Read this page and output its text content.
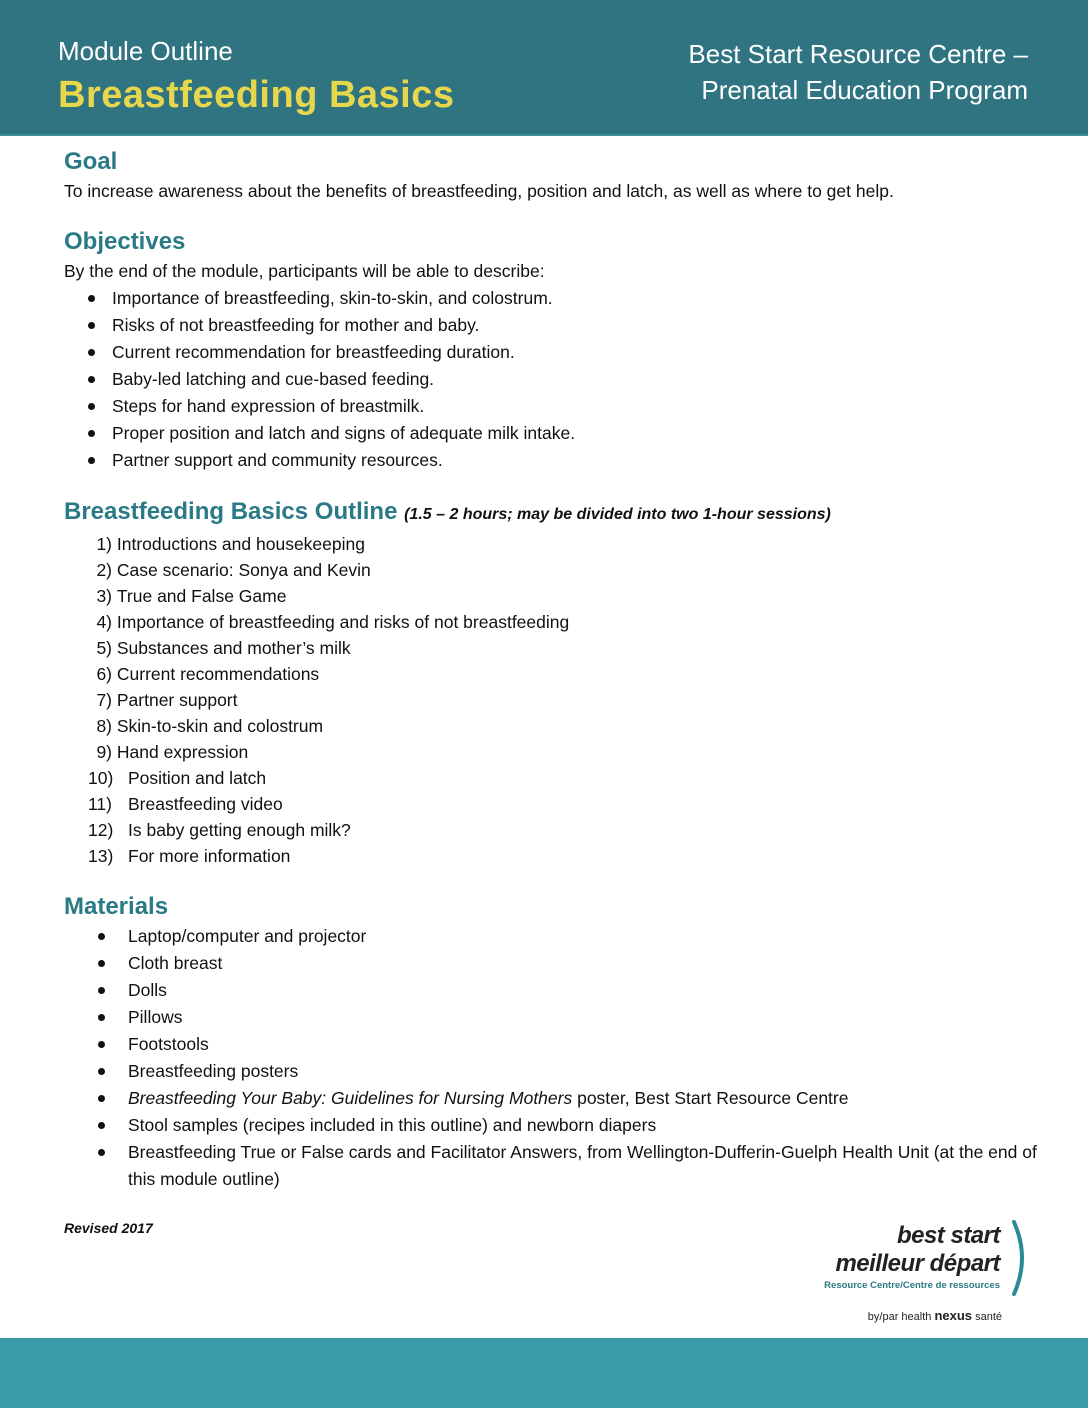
Module Outline
Breastfeeding Basics
Best Start Resource Centre –
Prenatal Education Program
Goal

To increase awareness about the benefits of breastfeeding, position and latch, as well as where to get help.

Objectives

By the end of the module, participants will be able to describe:

Importance of breastfeeding, skin-to-skin, and colostrum.
Risks of not breastfeeding for mother and baby.
Current recommendation for breastfeeding duration.
Baby-led latching and cue-based feeding.
Steps for hand expression of breastmilk.
Proper position and latch and signs of adequate milk intake.
Partner support and community resources.
Breastfeeding Basics Outline (1.5 – 2 hours; may be divided into two 1-hour sessions)
1)
Introductions and housekeeping
2)
Case scenario: Sonya and Kevin
3)
True and False Game
4)
Importance of breastfeeding and risks of not breastfeeding
5)
Substances and mother’s milk
6)
Current recommendations
7)
Partner support
8)
Skin-to-skin and colostrum
9)
Hand expression
10) Position and latch
11) Breastfeeding video
12) Is baby getting enough milk?
13) For more information
Materials
Laptop/computer and projector
Cloth breast
Dolls
Pillows
Footstools
Breastfeeding posters
Breastfeeding Your Baby: Guidelines for Nursing Mothers poster, Best Start Resource Centre
Stool samples (recipes included in this outline) and newborn diapers
Breastfeeding True or False cards and Facilitator Answers, from Wellington-Dufferin-Guelph Health Unit (at the end of this module outline)
Revised 2017	best start
meilleur départ
Resource Centre/Centre de ressources
by/par health nexus santé
